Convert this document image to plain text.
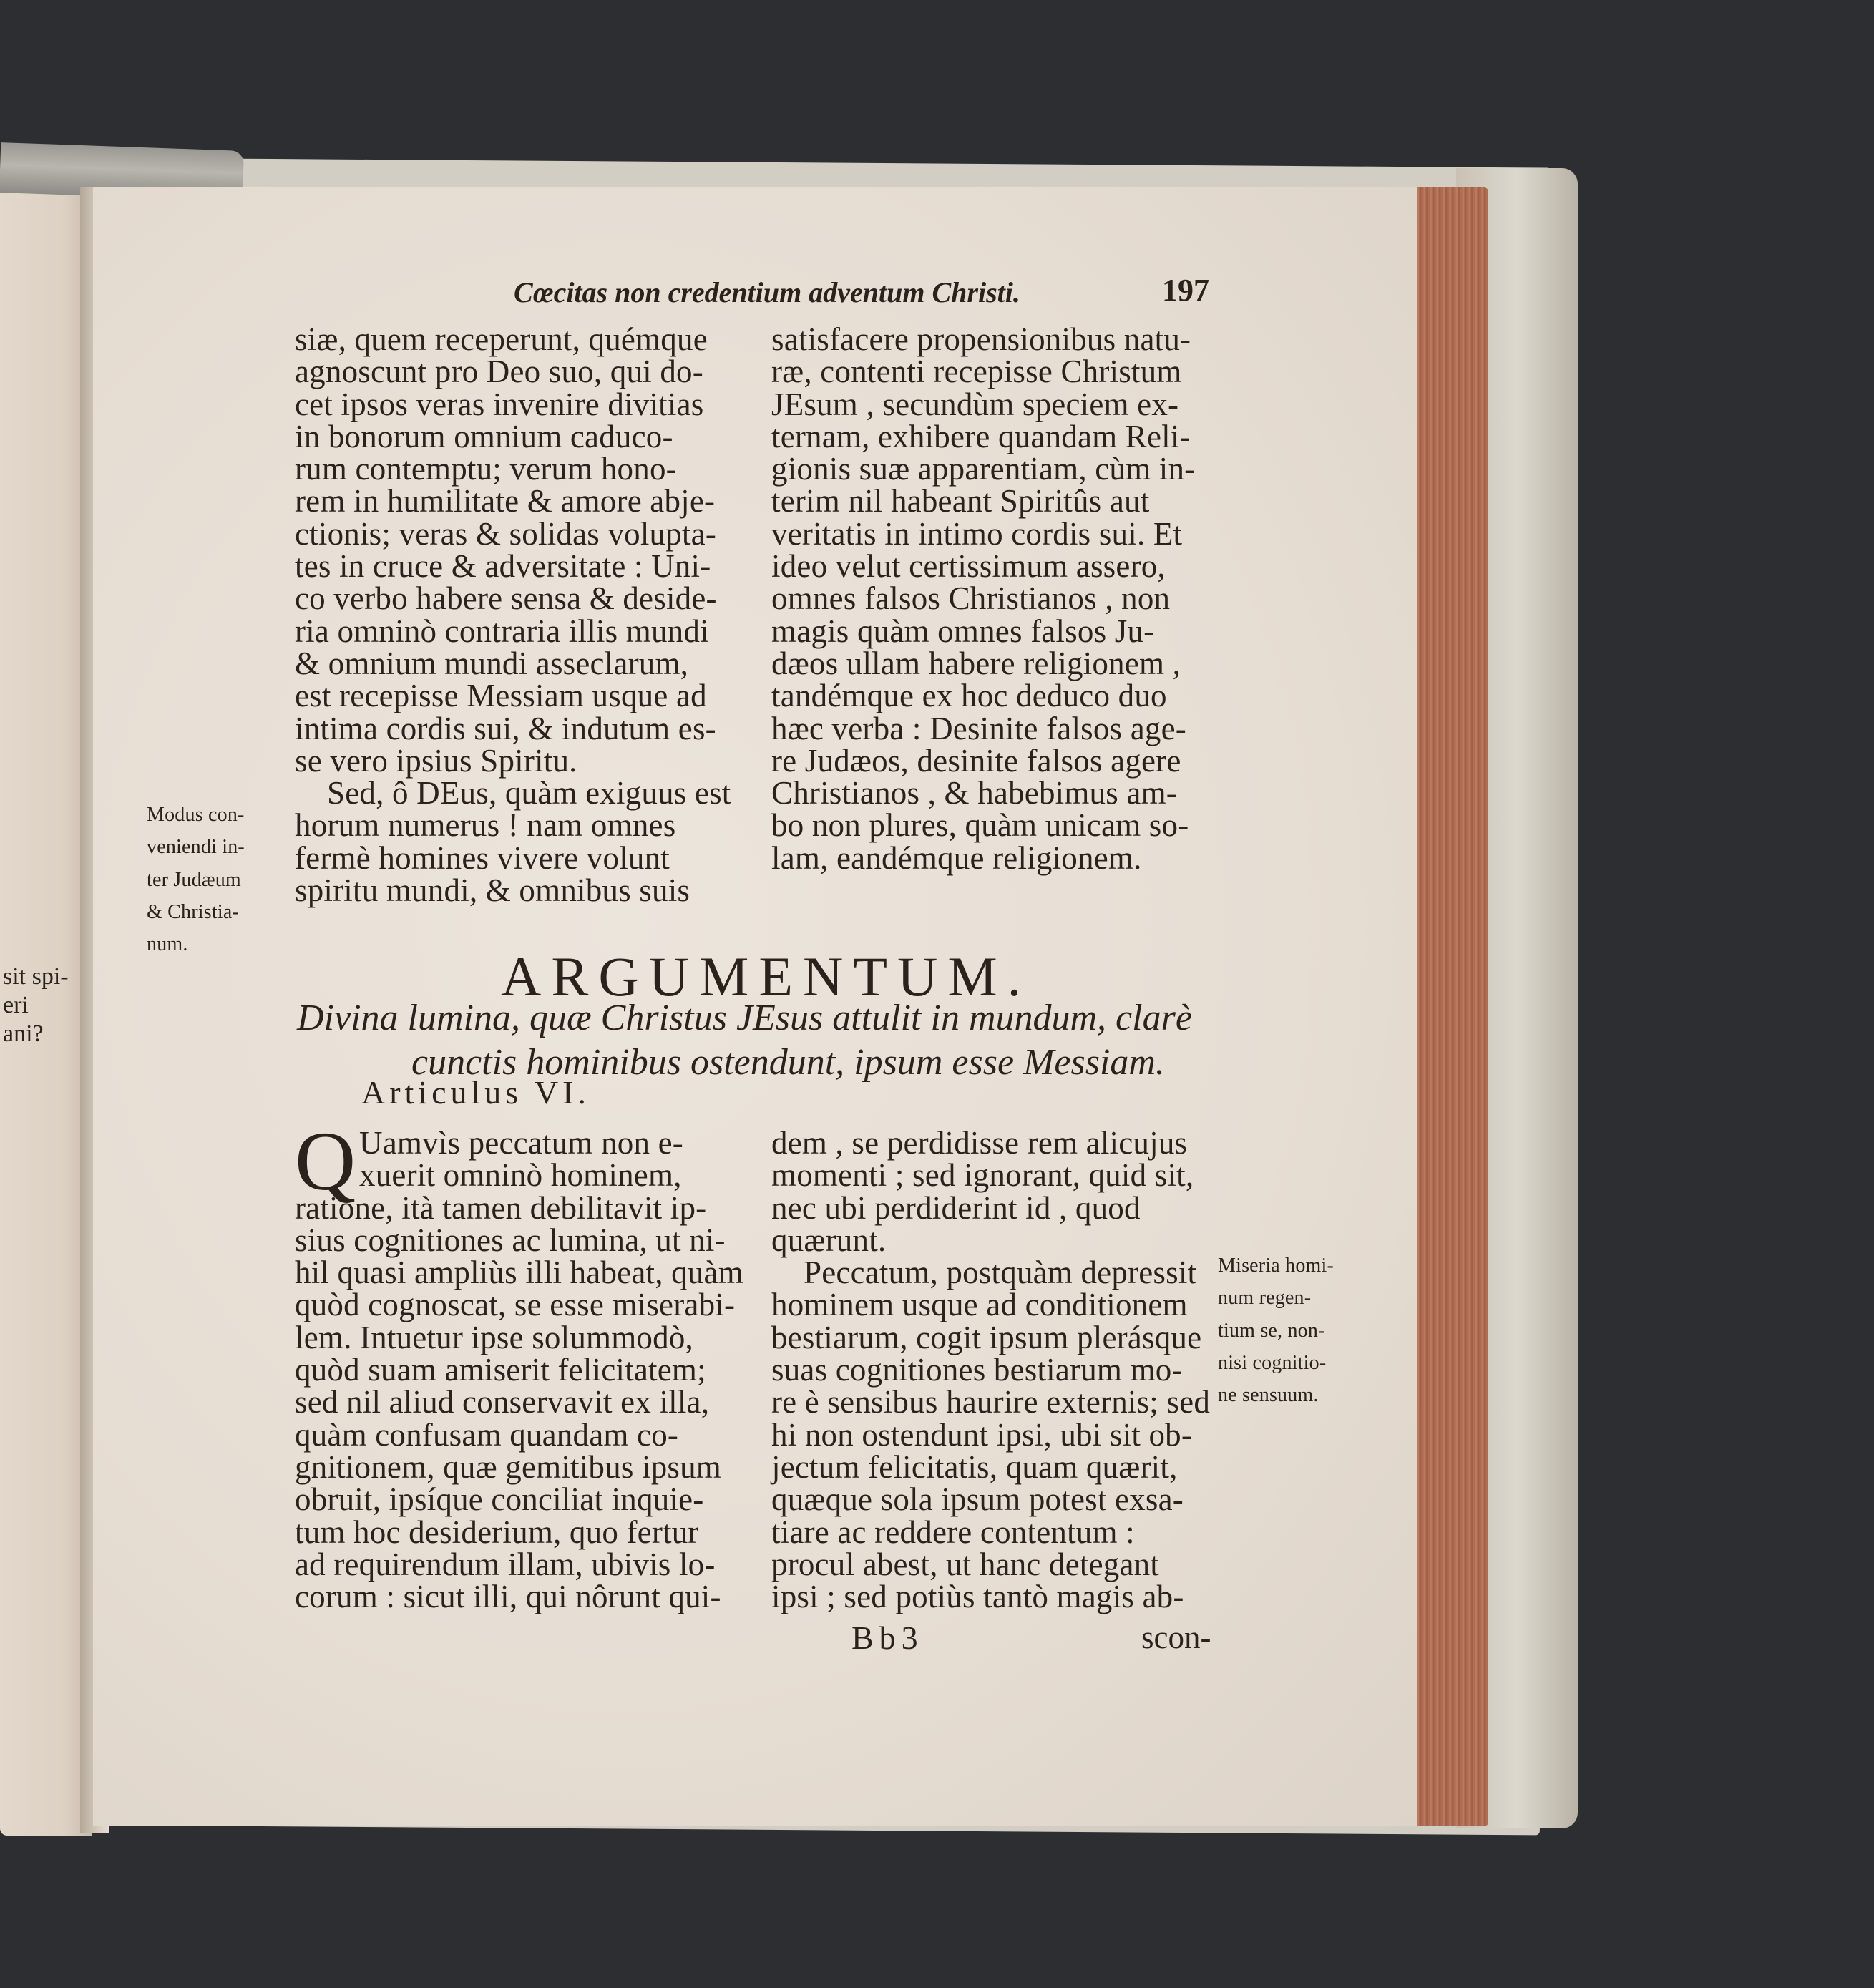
sit spi-
eri
ani?
Cœcitas non credentium adventum Christi.	197
siæ, quem receperunt, quémque
agnoscunt pro Deo suo, qui do-
cet ipsos veras invenire divitias
in bonorum omnium caduco-
rum contemptu; verum hono-
rem in humilitate & amore abje-
ctionis; veras & solidas volupta-
tes in cruce & adversitate : Uni-
co verbo habere sensa & deside-
ria omninò contraria illis mundi
& omnium mundi asseclarum,
est recepisse Messiam usque ad
intima cordis sui, & indutum es-
se vero ipsius Spiritu.
Sed, ô DEus, quàm exiguus est
horum numerus ! nam omnes
fermè homines vivere volunt
spiritu mundi, & omnibus suis
satisfacere propensionibus natu-
ræ, contenti recepisse Christum
JEsum , secundùm speciem ex-
ternam, exhibere quandam Reli-
gionis suæ apparentiam, cùm in-
terim nil habeant Spiritûs aut
veritatis in intimo cordis sui. Et
ideo velut certissimum assero,
omnes falsos Christianos , non
magis quàm omnes falsos Ju-
dæos ullam habere religionem ,
tandémque ex hoc deduco duo
hæc verba : Desinite falsos age-
re Judæos, desinite falsos agere
Christianos , & habebimus am-
bo non plures, quàm unicam so-
lam, eandémque religionem.
Modus con-
veniendi in-
ter Judæum
& Christia-
num.
ARGUMENTUM.
Divina lumina, quæ Christus JEsus attulit in mundum, clarè
cunctis hominibus ostendunt, ipsum esse Messiam.
Articulus VI.
Q Uamvìs peccatum non e-
xuerit omninò hominem,
ratione, ità tamen debilitavit ip-
sius cognitiones ac lumina, ut ni-
hil quasi ampliùs illi habeat, quàm
quòd cognoscat, se esse miserabi-
lem. Intuetur ipse solummodò,
quòd suam amiserit felicitatem;
sed nil aliud conservavit ex illa,
quàm confusam quandam co-
gnitionem, quæ gemitibus ipsum
obruit, ipsíque conciliat inquie-
tum hoc desiderium, quo fertur
ad requirendum illam, ubivis lo-
corum : sicut illi, qui nôrunt qui-
dem , se perdidisse rem alicujus
momenti ; sed ignorant, quid sit,
nec ubi perdiderint id , quod
quærunt.
Peccatum, postquàm depressit
hominem usque ad conditionem
bestiarum, cogit ipsum plerásque
suas cognitiones bestiarum mo-
re è sensibus haurire externis; sed
hi non ostendunt ipsi, ubi sit ob-
jectum felicitatis, quam quærit,
quæque sola ipsum potest exsa-
tiare ac reddere contentum :
procul abest, ut hanc detegant
ipsi ; sed potiùs tantò magis ab-
Miseria homi-
num regen-
tium se, non-
nisi cognitio-
ne sensuum.
Bb3	scon-
